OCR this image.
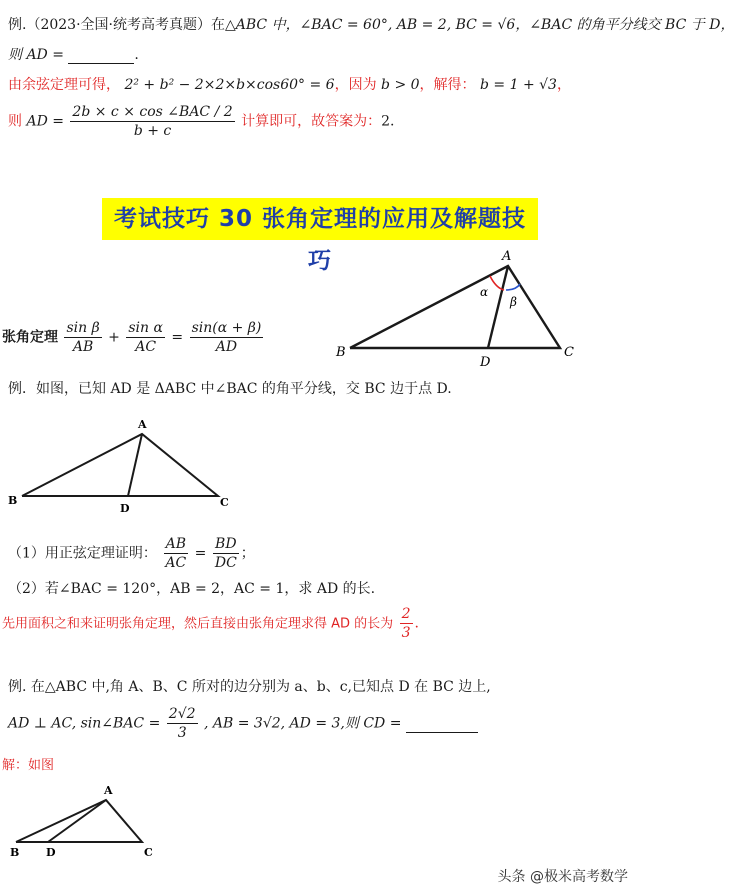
例.（2023·全国·统考高考真题）在△ABC 中，∠BAC = 60°, AB = 2, BC = √6，∠BAC 的角平分线交 BC 于 D，
则 AD =	.
由余弦定理可得， 2² + b² − 2×2×b×cos60° = 6，因为 b > 0，解得： b = 1 + √3，
则 AD = $\frac{\text{2b × c × cos ∠BAC / 2}}{b + c}$ 计算即可，故答案为：2.
考试技巧 30 张角定理的应用及解题技巧
张角定理 $\frac{\text{sin β}}{AB} + \frac{\text{sin α}}{AC} = \frac{\sin(\alpha + \beta)}{AD}$
A
B	C
D
α
β
例．如图，已知 AD 是 ΔABC 中∠BAC 的角平分线，交 BC 边于点 D.
A
B	C
D
（1）用正弦定理证明： $\frac{AB}{AC} = \frac{BD}{DC}$ ；
（2）若∠BAC = 120°，AB = 2，AC = 1，求 AD 的长.
先用面积之和来证明张角定理，然后直接由张角定理求得 AD 的长为 $\frac{2}{3}$ .
例. 在△ABC 中,角 A、B、C 所对的边分别为 a、b、c,已知点 D 在 BC 边上,
AD ⊥ AC, sin∠BAC = $\frac{2√2}{3}$ , AB = 3√2, AD = 3,则 CD =
解：如图
A
B	C
D
头条 @极米高考数学
